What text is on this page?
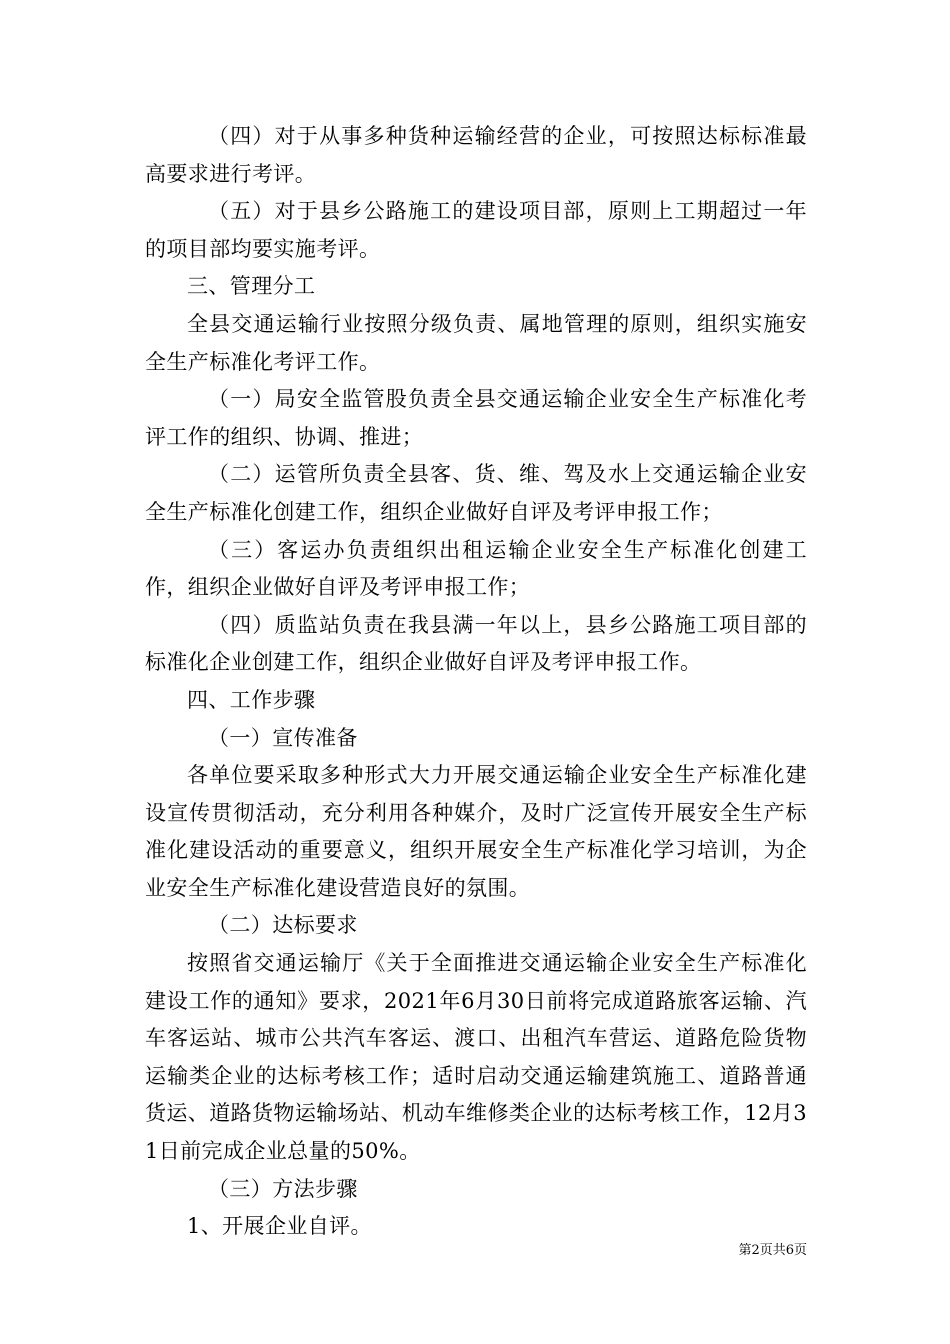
（四）对于从事多种货种运输经营的企业，可按照达标标准最高要求进行考评。

（五）对于县乡公路施工的建设项目部，原则上工期超过一年的项目部均要实施考评。

三、管理分工

全县交通运输行业按照分级负责、属地管理的原则，组织实施安全生产标准化考评工作。

（一）局安全监管股负责全县交通运输企业安全生产标准化考评工作的组织、协调、推进；

（二）运管所负责全县客、货、维、驾及水上交通运输企业安全生产标准化创建工作，组织企业做好自评及考评申报工作；

（三）客运办负责组织出租运输企业安全生产标准化创建工作，组织企业做好自评及考评申报工作；

（四）质监站负责在我县满一年以上，县乡公路施工项目部的标准化企业创建工作，组织企业做好自评及考评申报工作。

四、工作步骤

（一）宣传准备

各单位要采取多种形式大力开展交通运输企业安全生产标准化建设宣传贯彻活动，充分利用各种媒介，及时广泛宣传开展安全生产标准化建设活动的重要意义，组织开展安全生产标准化学习培训，为企业安全生产标准化建设营造良好的氛围。

（二）达标要求

按照省交通运输厅《关于全面推进交通运输企业安全生产标准化建设工作的通知》要求，2021年6月30日前将完成道路旅客运输、汽车客运站、城市公共汽车客运、渡口、出租汽车营运、道路危险货物运输类企业的达标考核工作；适时启动交通运输建筑施工、道路普通货运、道路货物运输场站、机动车维修类企业的达标考核工作，12月31日前完成企业总量的50%。

（三）方法步骤

1、开展企业自评。

第2页共6页
